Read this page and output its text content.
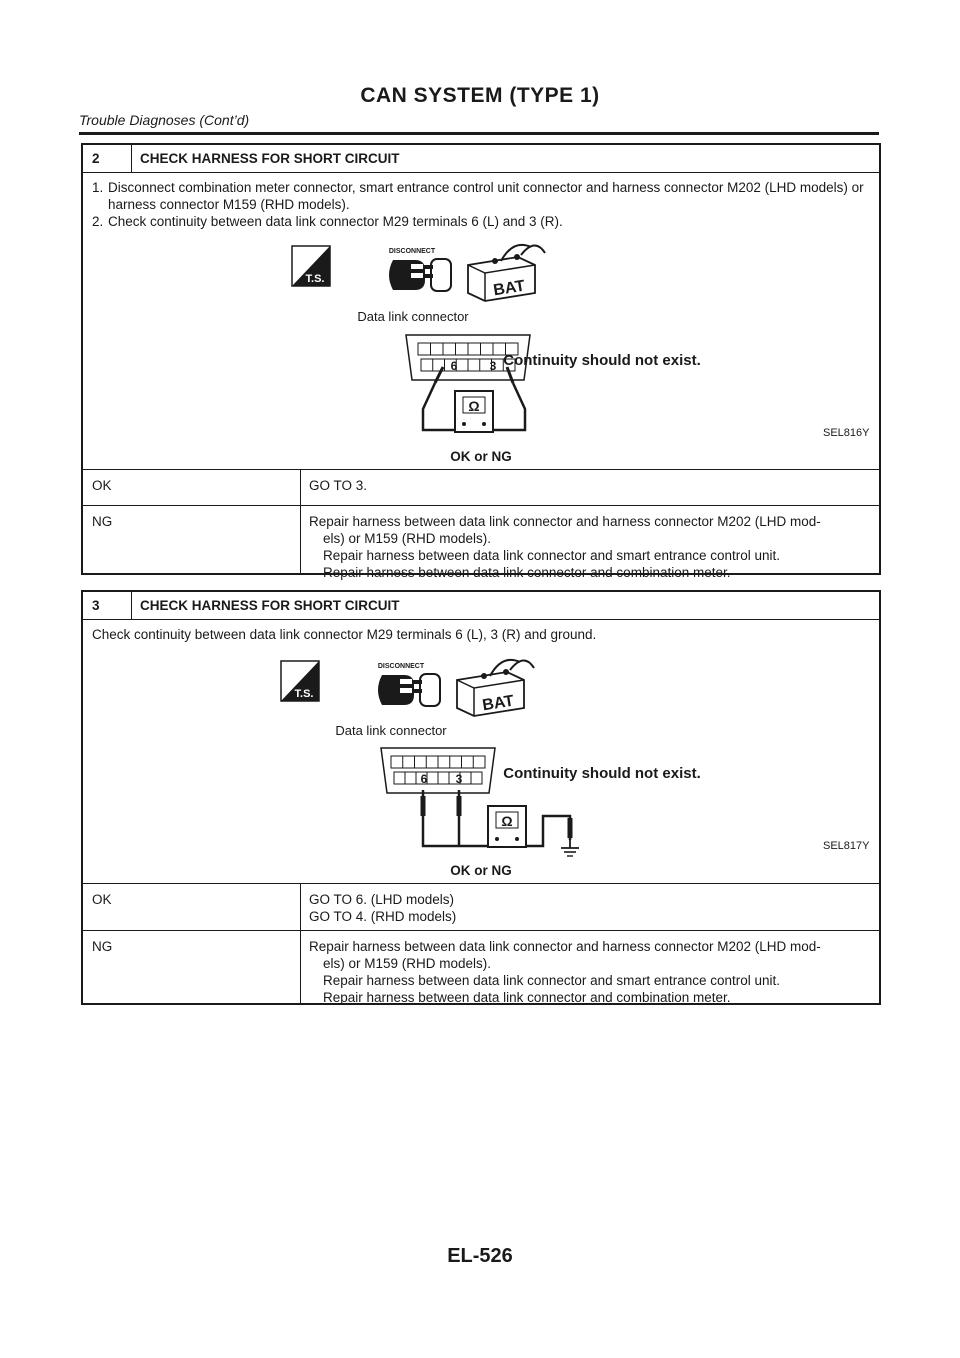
CAN SYSTEM (TYPE 1)
Trouble Diagnoses (Cont’d)
2	CHECK HARNESS FOR SHORT CIRCUIT
1. Disconnect combination meter connector, smart entrance control unit connector and harness connector M202 (LHD models) or harness connector M159 (RHD models).
2. Check continuity between data link connector M29 terminals 6 (L) and 3 (R).
T.S.
DISCONNECT
BAT
Data link connector
6	3
Ω
Continuity should not exist.
SEL816Y
OK or NG
OK	GO TO 3.
NG	Repair harness between data link connector and harness connector M202 (LHD mod-
els) or M159 (RHD models).
Repair harness between data link connector and smart entrance control unit.
Repair harness between data link connector and combination meter.
3	CHECK HARNESS FOR SHORT CIRCUIT
Check continuity between data link connector M29 terminals 6 (L), 3 (R) and ground.
T.S.
DISCONNECT
BAT
Data link connector
6 3
Ω
Continuity should not exist.
SEL817Y
OK or NG
OK	GO TO 6. (LHD models)
GO TO 4. (RHD models)
NG	Repair harness between data link connector and harness connector M202 (LHD mod-
els) or M159 (RHD models).
Repair harness between data link connector and smart entrance control unit.
Repair harness between data link connector and combination meter.
EL-526
